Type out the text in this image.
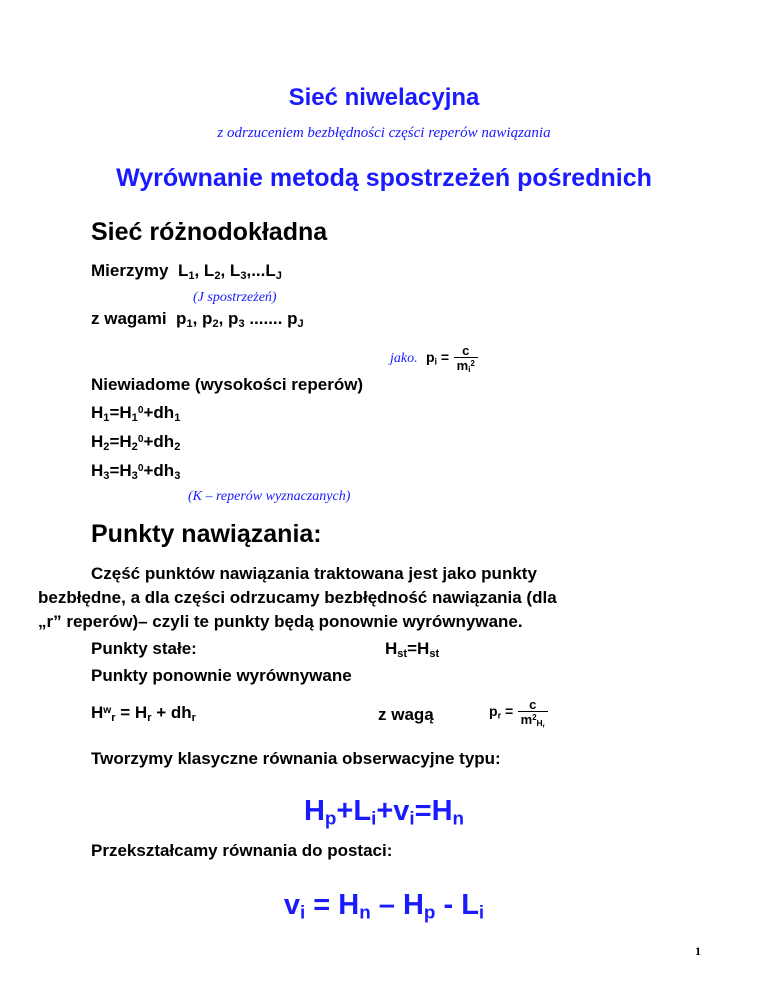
Sieć niwelacyjna
z odrzuceniem bezbłędności części reperów nawiązania
Wyrównanie metodą spostrzeżeń pośrednich
Sieć różnodokładna
Mierzymy $L_1$, $L_2$, $L_3,...L_J$
(J spostrzeżeń)
z wagami $p_1$, $p_2$, $p_3$ ....... $p_J$
jako.  $p_i = \frac{c}{m_i^2}$
Niewiadome (wysokości reperów)
$H_1=H_1^0+dh_1$
$H_2=H_2^0+dh_2$
$H_3=H_3^0+dh_3$
(K – reperów wyznaczanych)
Punkty nawiązania:
Część punktów nawiązania traktowana jest jako punkty
bezbłędne, a dla części odrzucamy bezbłędność nawiązania (dla
„r” reperów)– czyli te punkty będą ponownie wyrównywane.
Punkty stałe:	$H_{st}=H_{st}$
Punkty ponownie wyrównywane
$H^w_r = H_r + dh_r$	z wagą	$p_r = \frac{c}{m^2_{H_r}}$
Tworzymy klasyczne równania obserwacyjne typu:
$H_p+L_i+v_i=H_n$
Przekształcamy równania do postaci:
$v_i = H_n - H_p - L_i$
1
